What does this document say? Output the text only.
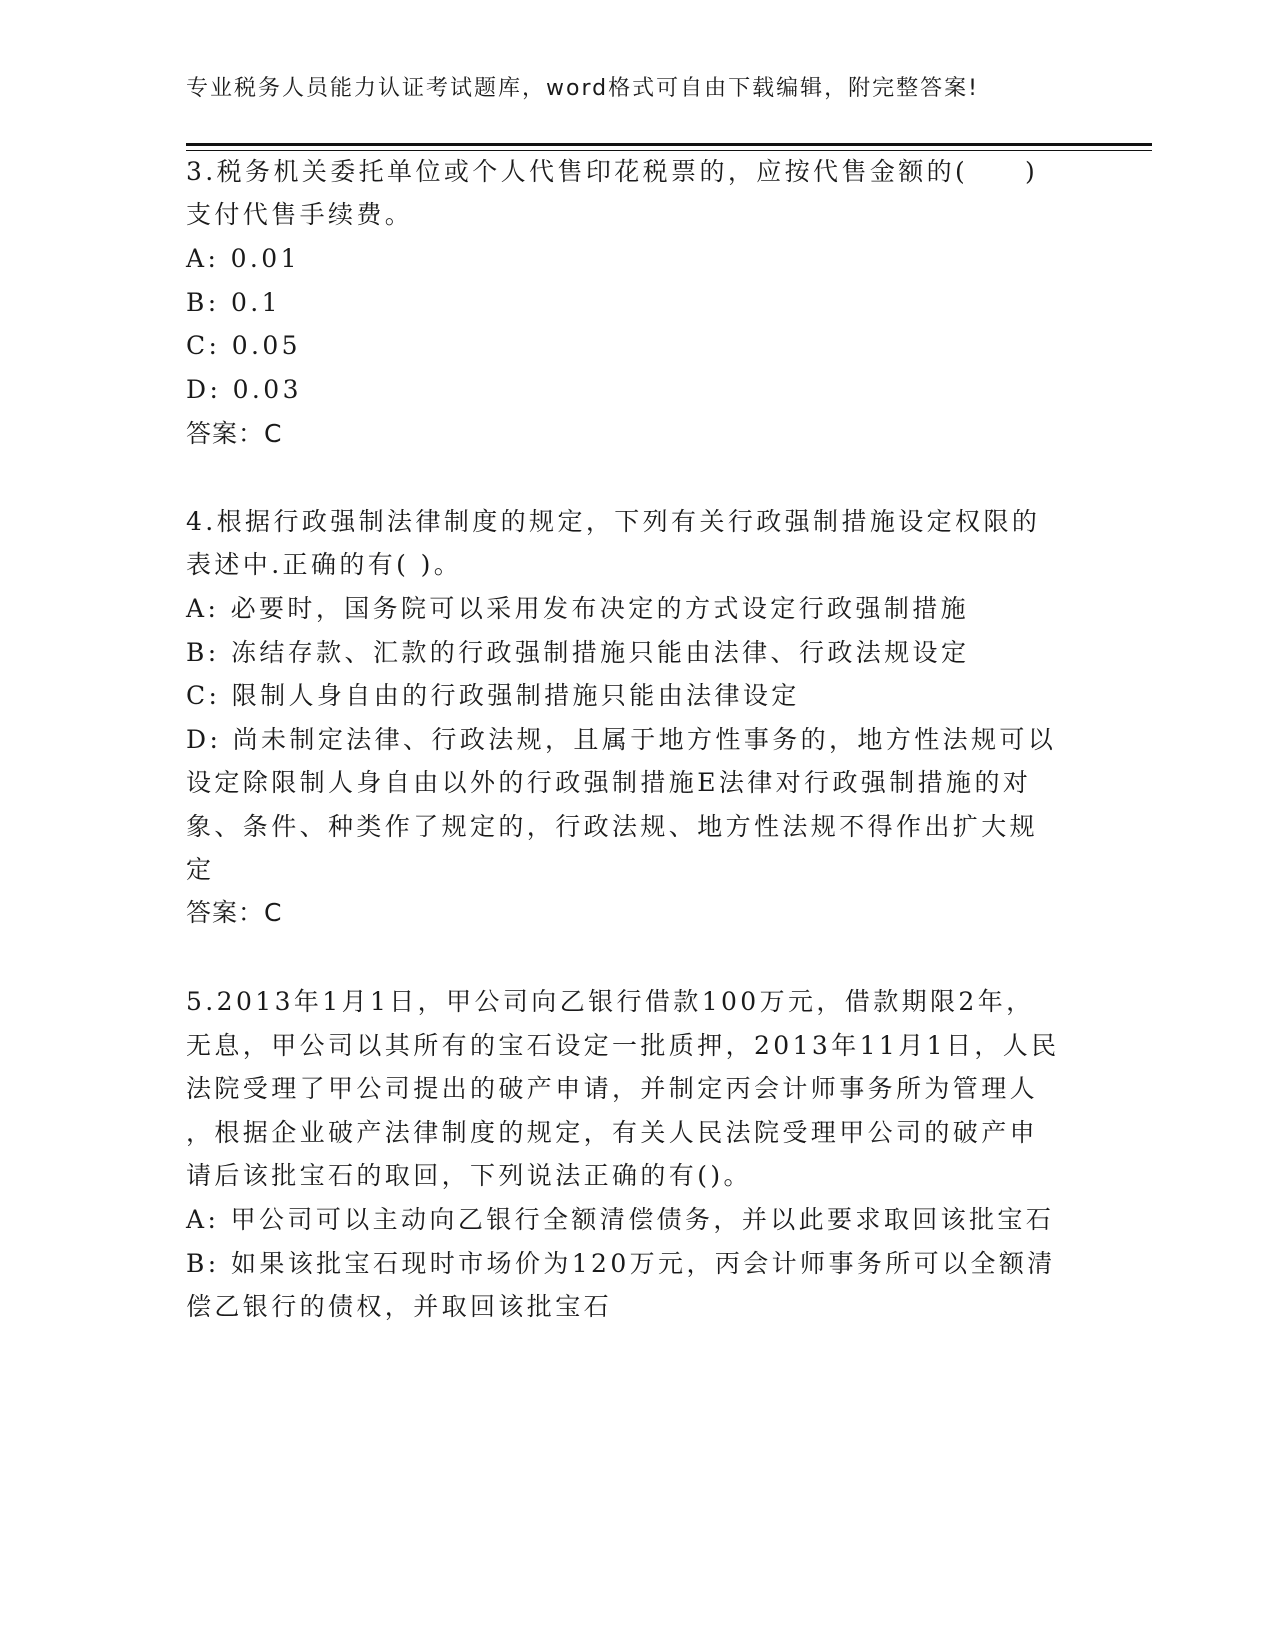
专业税务人员能力认证考试题库，word格式可自由下载编辑，附完整答案!
3.税务机关委托单位或个人代售印花税票的，应按代售金额的(　　)
支付代售手续费。
A: 0.01
B: 0.1
C: 0.05
D: 0.03
答案：C
4.根据行政强制法律制度的规定，下列有关行政强制措施设定权限的
表述中.正确的有( )。
A: 必要时，国务院可以采用发布决定的方式设定行政强制措施
B: 冻结存款、汇款的行政强制措施只能由法律、行政法规设定
C: 限制人身自由的行政强制措施只能由法律设定
D: 尚未制定法律、行政法规，且属于地方性事务的，地方性法规可以
设定除限制人身自由以外的行政强制措施E法律对行政强制措施的对
象、条件、种类作了规定的，行政法规、地方性法规不得作出扩大规
定
答案：C
5.2013年1月1日，甲公司向乙银行借款100万元，借款期限2年，
无息，甲公司以其所有的宝石设定一批质押，2013年11月1日，人民
法院受理了甲公司提出的破产申请，并制定丙会计师事务所为管理人
，根据企业破产法律制度的规定，有关人民法院受理甲公司的破产申
请后该批宝石的取回，下列说法正确的有()。
A: 甲公司可以主动向乙银行全额清偿债务，并以此要求取回该批宝石
B: 如果该批宝石现时市场价为120万元，丙会计师事务所可以全额清
偿乙银行的债权，并取回该批宝石
